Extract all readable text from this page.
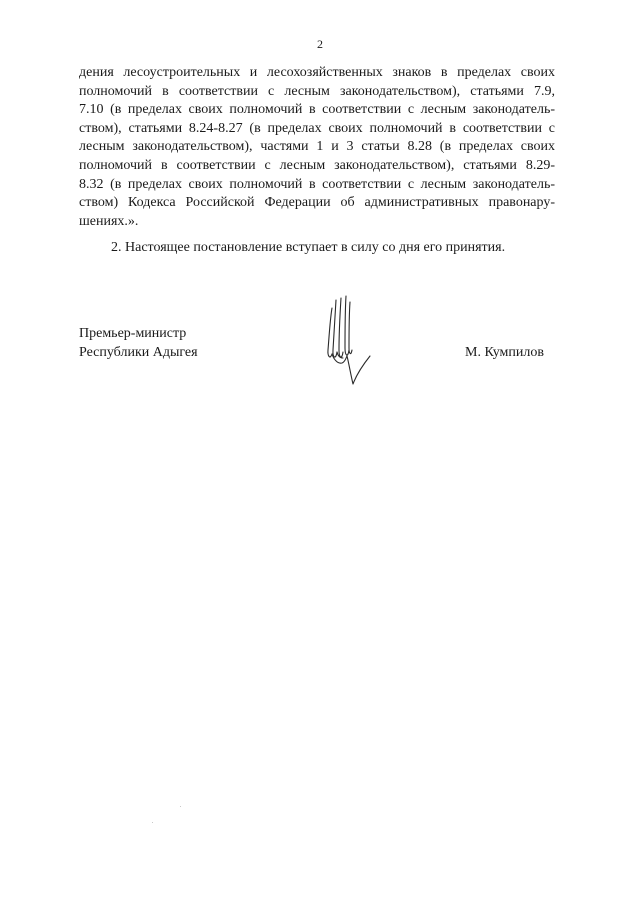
2
дения лесоустроительных и лесохозяйственных знаков в пределах своих
полномочий в соответствии с лесным законодательством), статьями 7.9,
7.10 (в пределах своих полномочий в соответствии с лесным законодатель-
ством), статьями 8.24-8.27 (в пределах своих полномочий в соответствии с
лесным законодательством), частями 1 и 3 статьи 8.28 (в пределах своих
полномочий в соответствии с лесным законодательством), статьями 8.29-
8.32 (в пределах своих полномочий в соответствии с лесным законодатель-
ством) Кодекса Российской Федерации об административных правонару-
шениях.».
2. Настоящее постановление вступает в силу со дня его принятия.
Премьер-министр
Республики Адыгея	М. Кумпилов
